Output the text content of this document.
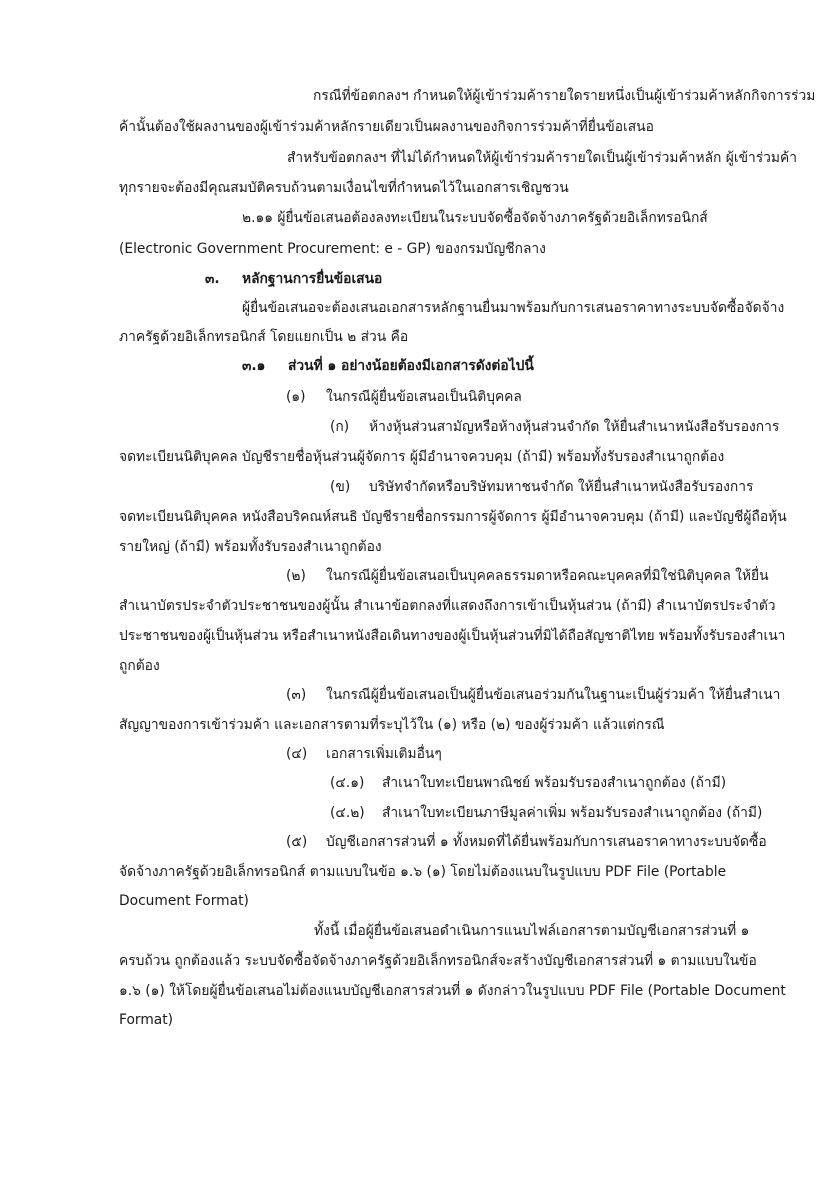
กรณีที่ข้อตกลงฯ กำหนดให้ผู้เข้าร่วมค้ารายใดรายหนึ่งเป็นผู้เข้าร่วมค้าหลักกิจการร่วม
ค้านั้นต้องใช้ผลงานของผู้เข้าร่วมค้าหลักรายเดียวเป็นผลงานของกิจการร่วมค้าที่ยื่นข้อเสนอ
สำหรับข้อตกลงฯ ที่ไม่ได้กำหนดให้ผู้เข้าร่วมค้ารายใดเป็นผู้เข้าร่วมค้าหลัก ผู้เข้าร่วมค้า
ทุกรายจะต้องมีคุณสมบัติครบถ้วนตามเงื่อนไขที่กำหนดไว้ในเอกสารเชิญชวน
๒.๑๑ ผู้ยื่นข้อเสนอต้องลงทะเบียนในระบบจัดซื้อจัดจ้างภาครัฐด้วยอิเล็กทรอนิกส์
(Electronic Government Procurement: e - GP) ของกรมบัญชีกลาง
๓. หลักฐานการยื่นข้อเสนอ
ผู้ยื่นข้อเสนอจะต้องเสนอเอกสารหลักฐานยื่นมาพร้อมกับการเสนอราคาทางระบบจัดซื้อจัดจ้าง
ภาครัฐด้วยอิเล็กทรอนิกส์ โดยแยกเป็น ๒ ส่วน คือ
๓.๑ ส่วนที่ ๑ อย่างน้อยต้องมีเอกสารดังต่อไปนี้
(๑) ในกรณีผู้ยื่นข้อเสนอเป็นนิติบุคคล
(ก) ห้างหุ้นส่วนสามัญหรือห้างหุ้นส่วนจำกัด ให้ยื่นสำเนาหนังสือรับรองการ
จดทะเบียนนิติบุคคล บัญชีรายชื่อหุ้นส่วนผู้จัดการ ผู้มีอำนาจควบคุม (ถ้ามี) พร้อมทั้งรับรองสำเนาถูกต้อง
(ข) บริษัทจำกัดหรือบริษัทมหาชนจำกัด ให้ยื่นสำเนาหนังสือรับรองการ
จดทะเบียนนิติบุคคล หนังสือบริคณห์สนธิ บัญชีรายชื่อกรรมการผู้จัดการ ผู้มีอำนาจควบคุม (ถ้ามี) และบัญชีผู้ถือหุ้น
รายใหญ่ (ถ้ามี) พร้อมทั้งรับรองสำเนาถูกต้อง
(๒) ในกรณีผู้ยื่นข้อเสนอเป็นบุคคลธรรมดาหรือคณะบุคคลที่มิใช่นิติบุคคล ให้ยื่น
สำเนาบัตรประจำตัวประชาชนของผู้นั้น สำเนาข้อตกลงที่แสดงถึงการเข้าเป็นหุ้นส่วน (ถ้ามี) สำเนาบัตรประจำตัว
ประชาชนของผู้เป็นหุ้นส่วน หรือสำเนาหนังสือเดินทางของผู้เป็นหุ้นส่วนที่มิได้ถือสัญชาติไทย พร้อมทั้งรับรองสำเนา
ถูกต้อง
(๓) ในกรณีผู้ยื่นข้อเสนอเป็นผู้ยื่นข้อเสนอร่วมกันในฐานะเป็นผู้ร่วมค้า ให้ยื่นสำเนา
สัญญาของการเข้าร่วมค้า และเอกสารตามที่ระบุไว้ใน (๑) หรือ (๒) ของผู้ร่วมค้า แล้วแต่กรณี
(๔) เอกสารเพิ่มเติมอื่นๆ
(๔.๑) สำเนาใบทะเบียนพาณิชย์ พร้อมรับรองสำเนาถูกต้อง (ถ้ามี)
(๔.๒) สำเนาใบทะเบียนภาษีมูลค่าเพิ่ม พร้อมรับรองสำเนาถูกต้อง (ถ้ามี)
(๕) บัญชีเอกสารส่วนที่ ๑ ทั้งหมดที่ได้ยื่นพร้อมกับการเสนอราคาทางระบบจัดซื้อ
จัดจ้างภาครัฐด้วยอิเล็กทรอนิกส์ ตามแบบในข้อ ๑.๖ (๑) โดยไม่ต้องแนบในรูปแบบ PDF File (Portable
Document Format)
ทั้งนี้ เมื่อผู้ยื่นข้อเสนอดำเนินการแนบไฟล์เอกสารตามบัญชีเอกสารส่วนที่ ๑
ครบถ้วน ถูกต้องแล้ว ระบบจัดซื้อจัดจ้างภาครัฐด้วยอิเล็กทรอนิกส์จะสร้างบัญชีเอกสารส่วนที่ ๑ ตามแบบในข้อ
๑.๖ (๑) ให้โดยผู้ยื่นข้อเสนอไม่ต้องแนบบัญชีเอกสารส่วนที่ ๑ ดังกล่าวในรูปแบบ PDF File (Portable Document
Format)
